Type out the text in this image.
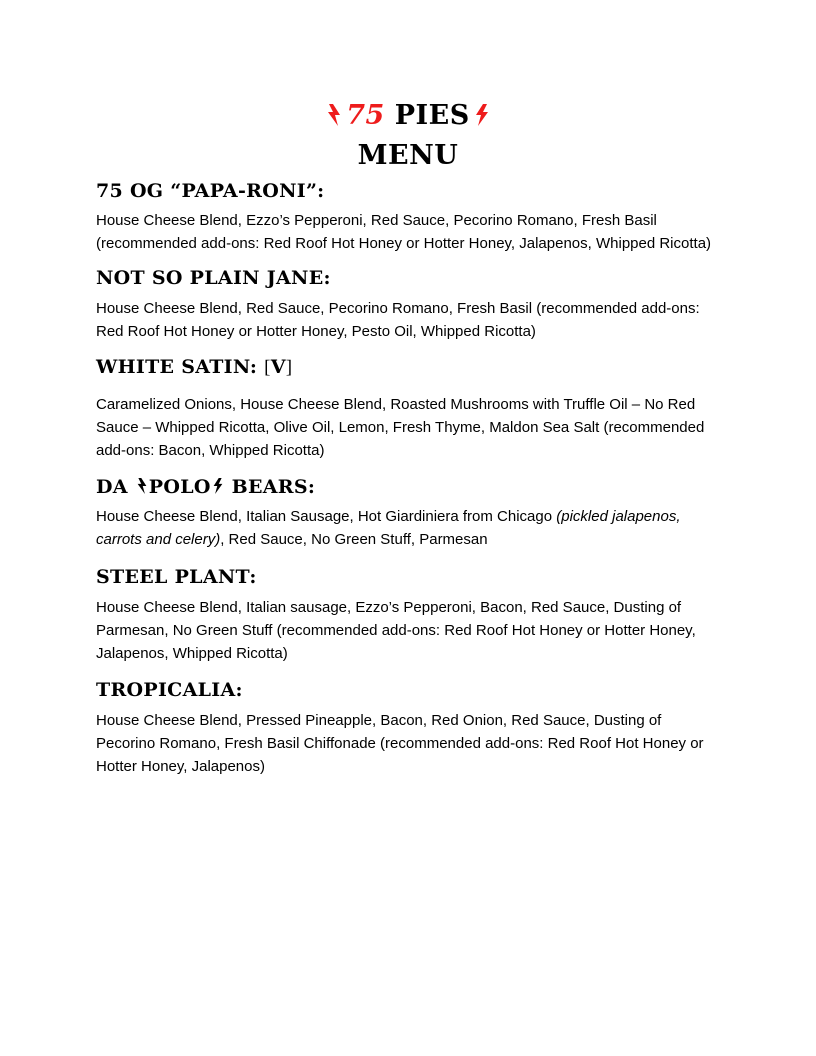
75 PIES
MENU
75 OG “PAPA-RONI”:

House Cheese Blend, Ezzo’s Pepperoni, Red Sauce, Pecorino Romano, Fresh Basil (recommended add-ons: Red Roof Hot Honey or Hotter Honey, Jalapenos, Whipped Ricotta)

NOT SO PLAIN JANE:

House Cheese Blend, Red Sauce, Pecorino Romano, Fresh Basil (recommended add-ons: Red Roof Hot Honey or Hotter Honey, Pesto Oil, Whipped Ricotta)

WHITE SATIN: [V]

Caramelized Onions, House Cheese Blend, Roasted Mushrooms with Truffle Oil – No Red Sauce – Whipped Ricotta, Olive Oil, Lemon, Fresh Thyme, Maldon Sea Salt (recommended add-ons: Bacon, Whipped Ricotta)

DA POLO BEARS:

House Cheese Blend, Italian Sausage, Hot Giardiniera from Chicago (pickled jalapenos, carrots and celery), Red Sauce, No Green Stuff, Parmesan

STEEL PLANT:

House Cheese Blend, Italian sausage, Ezzo’s Pepperoni, Bacon, Red Sauce, Dusting of Parmesan, No Green Stuff (recommended add-ons: Red Roof Hot Honey or Hotter Honey, Jalapenos, Whipped Ricotta)

TROPICALIA:

House Cheese Blend, Pressed Pineapple, Bacon, Red Onion, Red Sauce, Dusting of Pecorino Romano, Fresh Basil Chiffonade (recommended add-ons: Red Roof Hot Honey or Hotter Honey, Jalapenos)
